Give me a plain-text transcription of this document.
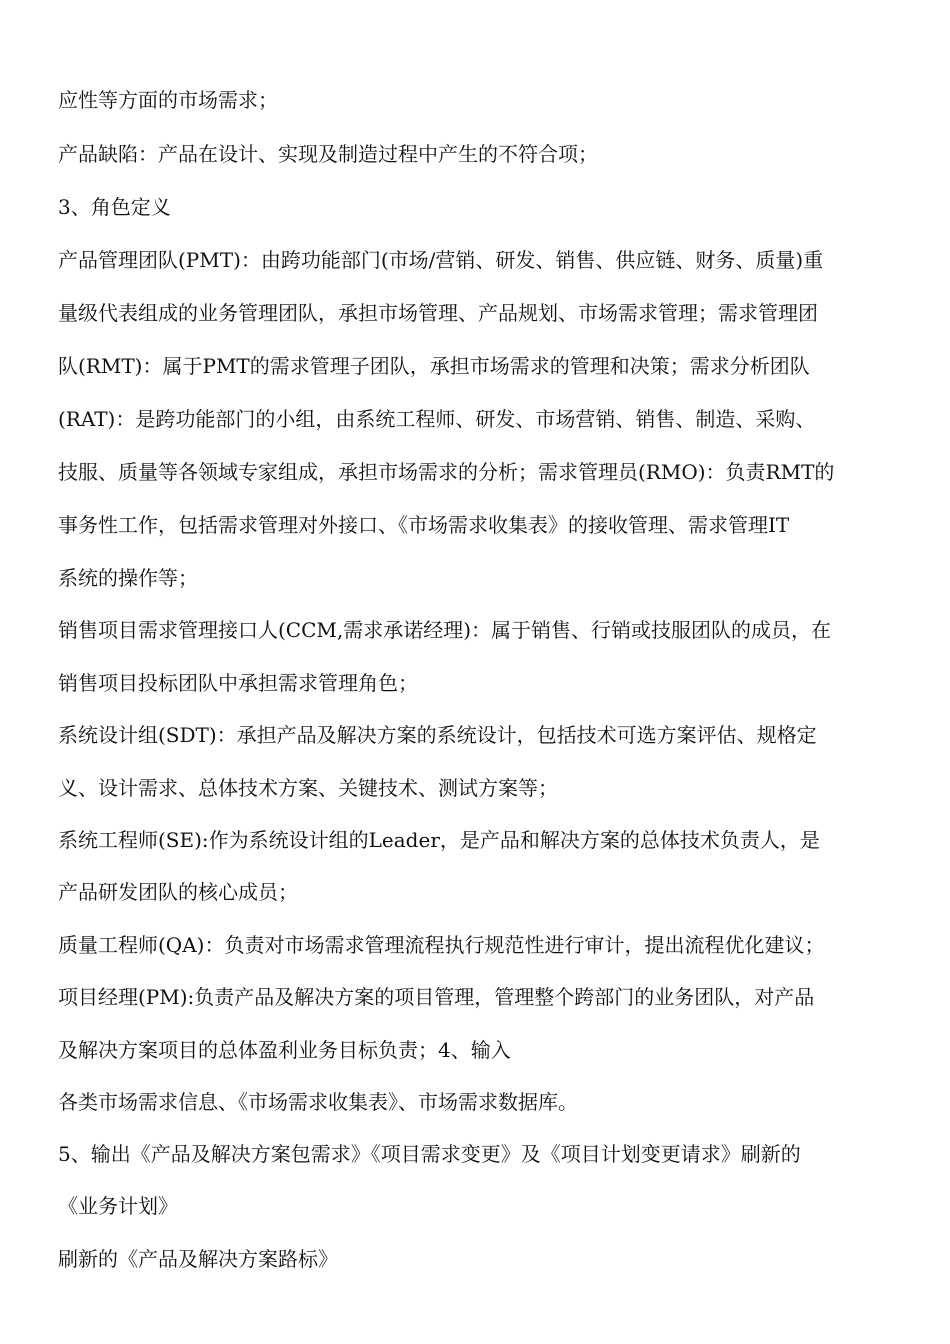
应性等方面的市场需求；
产品缺陷：产品在设计、实现及制造过程中产生的不符合项；
3、角色定义
产品管理团队(PMT)：由跨功能部门(市场/营销、研发、销售、供应链、财务、质量)重
量级代表组成的业务管理团队，承担市场管理、产品规划、市场需求管理；需求管理团
队(RMT)：属于PMT的需求管理子团队，承担市场需求的管理和决策；需求分析团队
(RAT)：是跨功能部门的小组，由系统工程师、研发、市场营销、销售、制造、采购、
技服、质量等各领域专家组成，承担市场需求的分析；需求管理员(RMO)：负责RMT的
事务性工作，包括需求管理对外接口、《市场需求收集表》的接收管理、需求管理IT
系统的操作等；
销售项目需求管理接口人(CCM,需求承诺经理)：属于销售、行销或技服团队的成员，在
销售项目投标团队中承担需求管理角色；
系统设计组(SDT)：承担产品及解决方案的系统设计，包括技术可选方案评估、规格定
义、设计需求、总体技术方案、关键技术、测试方案等；
系统工程师(SE):作为系统设计组的Leader，是产品和解决方案的总体技术负责人，是
产品研发团队的核心成员；
质量工程师(QA)：负责对市场需求管理流程执行规范性进行审计，提出流程优化建议；
项目经理(PM):负责产品及解决方案的项目管理，管理整个跨部门的业务团队，对产品
及解决方案项目的总体盈利业务目标负责；4、输入
各类市场需求信息、《市场需求收集表》、市场需求数据库。
5、输出《产品及解决方案包需求》《项目需求变更》及《项目计划变更请求》刷新的
《业务计划》
刷新的《产品及解决方案路标》
